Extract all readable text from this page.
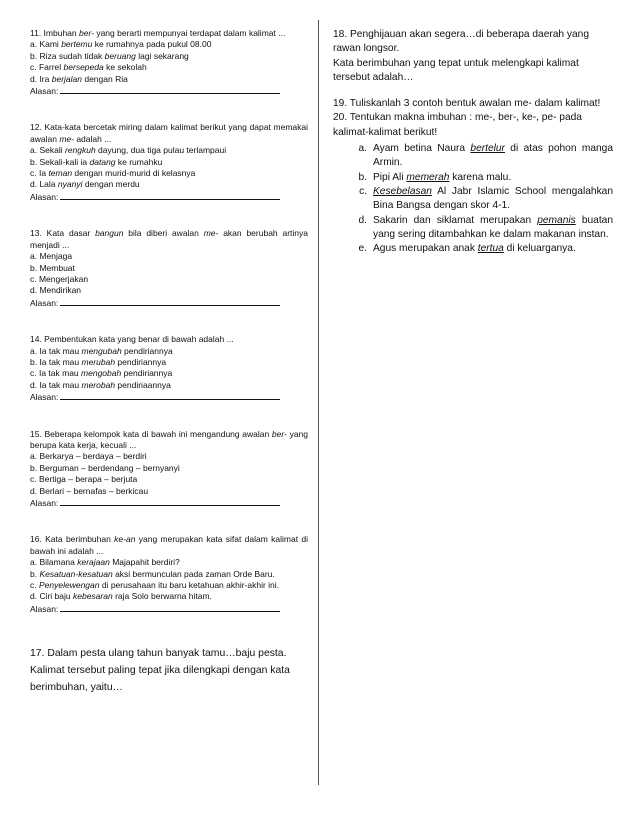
11. Imbuhan ber- yang berarti mempunyai terdapat dalam kalimat ...
a. Kami bertemu ke rumahnya pada pukul 08.00
b. Riza sudah tidak beruang lagi sekarang
c. Farrel bersepeda ke sekolah
d. Ira berjalan dengan Ria
Alasan:
12. Kata-kata bercetak miring dalam kalimat berikut yang dapat memakai awalan me- adalah ...
a. Sekali rengkuh dayung, dua tiga pulau terlampaui
b. Sekali-kali ia datang ke rumahku
c. Ia teman dengan murid-murid di kelasnya
d. Lala nyanyi dengan merdu
Alasan:
13. Kata dasar bangun bila diberi awalan me- akan berubah artinya menjadi ...
a. Menjaga
b. Membuat
c. Mengerjakan
d. Mendirikan
Alasan:
14. Pembentukan kata yang benar di bawah adalah ...
a. Ia tak mau mengubah pendiriannya
b. Ia tak mau merubah pendiriannya
c. Ia tak mau mengobah pendiriannya
d. Ia tak mau merobah pendiriaannya
Alasan:
15. Beberapa kelompok kata di bawah ini mengandung awalan ber- yang berupa kata kerja, kecuali ...
a. Berkarya – berdaya – berdiri
b. Berguman – berdendang – bernyanyi
c. Bertiga – berapa – berjuta
d. Berlari – bernafas – berkicau
Alasan:
16. Kata berimbuhan ke-an yang merupakan kata sifat dalam kalimat di bawah ini adalah ...
a. Bilamana kerajaan Majapahit berdiri?
b. Kesatuan-kesatuan aksi bermunculan pada zaman Orde Baru.
c. Penyelewengan di perusahaan itu baru ketahuan akhir-akhir ini.
d. Ciri baju kebesaran raja Solo berwarna hitam.
Alasan:
17. Dalam pesta ulang tahun banyak tamu…baju pesta. Kalimat tersebut paling tepat jika dilengkapi dengan kata berimbuhan, yaitu…
18. Penghijauan akan segera…di beberapa daerah yang rawan longsor.
Kata berimbuhan yang tepat untuk melengkapi kalimat tersebut adalah…
19. Tuliskanlah 3 contoh bentuk awalan me- dalam kalimat!
20. Tentukan makna imbuhan : me-, ber-, ke-, pe- pada kalimat-kalimat berikut!
a. Ayam betina Naura bertelur di atas pohon manga Armin.
b. Pipi Ali memerah karena malu.
c. Kesebelasan Al Jabr Islamic School mengalahkan Bina Bangsa dengan skor 4-1.
d. Sakarin dan siklamat merupakan pemanis buatan yang sering ditambahkan ke dalam makanan instan.
e. Agus merupakan anak tertua di keluarganya.
